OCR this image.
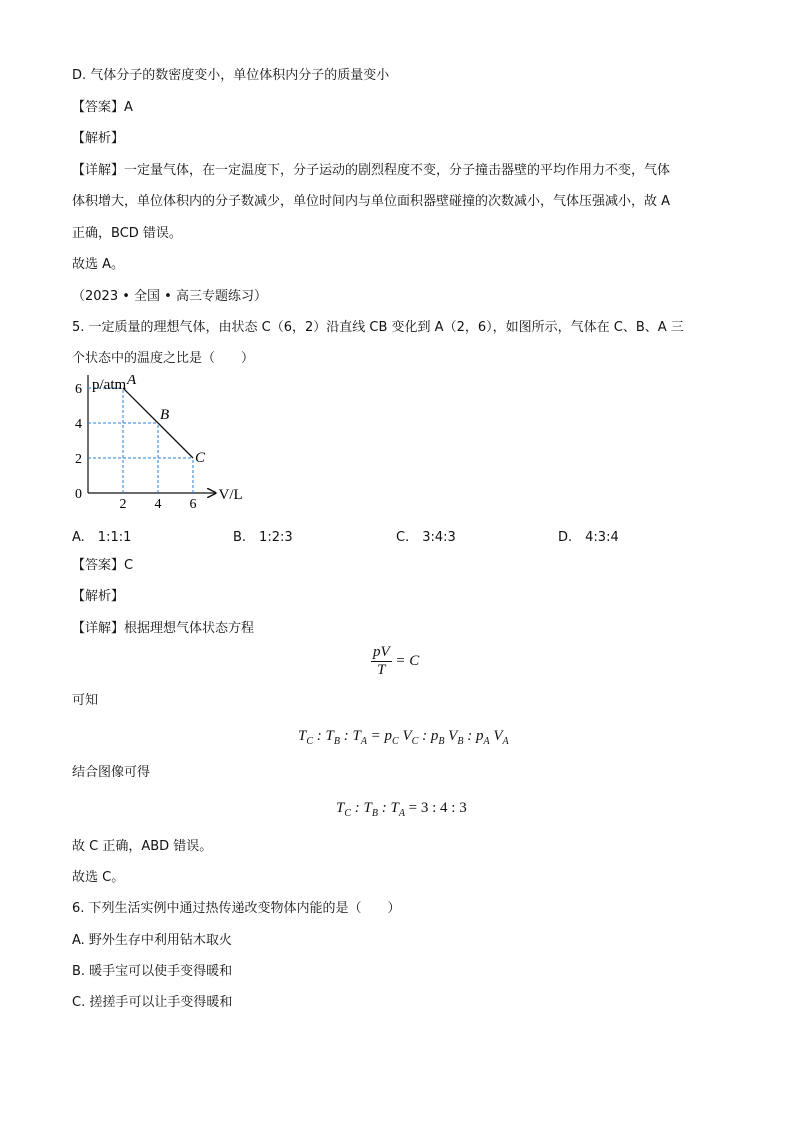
D. 气体分子的数密度变小，单位体积内分子的质量变小
【答案】A
【解析】
【详解】一定量气体，在一定温度下，分子运动的剧烈程度不变，分子撞击器壁的平均作用力不变，气体
体积增大，单位体积内的分子数减少，单位时间内与单位面积器壁碰撞的次数减小，气体压强减小，故 A
正确，BCD 错误。
故选 A。
（2023 • 全国 • 高三专题练习）
5. 一定质量的理想气体，由状态 C（6，2）沿直线 CB 变化到 A（2，6），如图所示，气体在 C、B、A 三
个状态中的温度之比是（　　）
A
B
C
2 4 6
6
4
2
0
p/atm
V/L
A.　1:1:1	B.　1:2:3	C.　3:4:3	D.　4:3:4
【答案】C
【解析】
【详解】根据理想气体状态方程
$\frac{pV}{T} = C$
可知
$T_C$ : $T_B$ : $T_A = p_C$ $V_C$ : $p_B$ $V_B$ : $p_A$ $V_A$
结合图像可得
$T_C$ : $T_B$ : $T_A = 3$ : 4 : 3
故 C 正确，ABD 错误。
故选 C。
6. 下列生活实例中通过热传递改变物体内能的是（　　）
A. 野外生存中利用钻木取火
B. 暖手宝可以使手变得暖和
C. 搓搓手可以让手变得暖和
